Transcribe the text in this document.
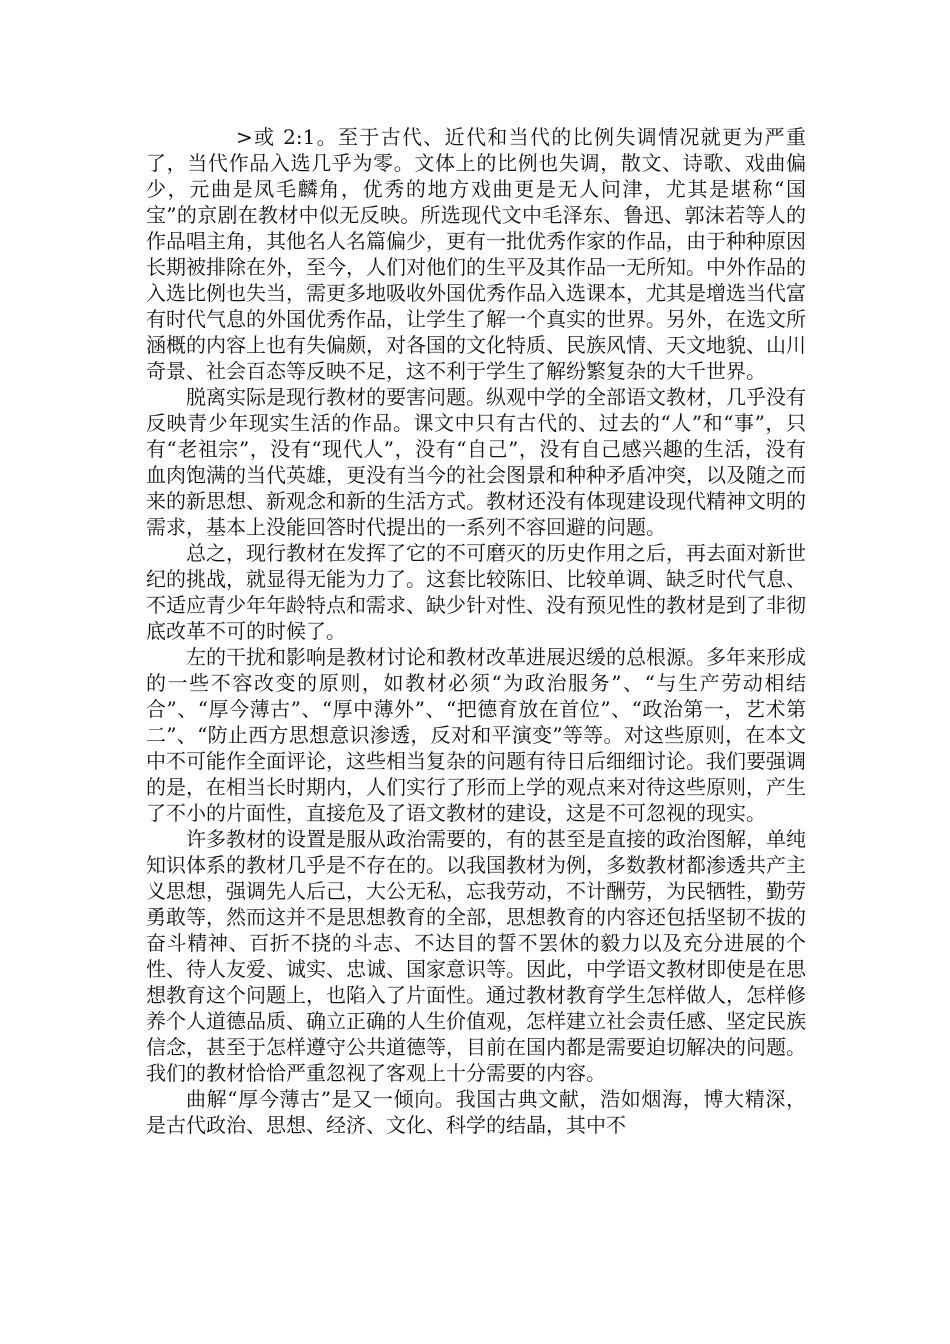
>或 2:1。至于古代、近代和当代的比例失调情况就更为严重了，当代作品入选几乎为零。文体上的比例也失调，散文、诗歌、戏曲偏少，元曲是凤毛麟角，优秀的地方戏曲更是无人问津，尤其是堪称“国宝”的京剧在教材中似无反映。所选现代文中毛泽东、鲁迅、郭沫若等人的作品唱主角，其他名人名篇偏少，更有一批优秀作家的作品，由于种种原因长期被排除在外，至今，人们对他们的生平及其作品一无所知。中外作品的入选比例也失当，需更多地吸收外国优秀作品入选课本，尤其是增选当代富有时代气息的外国优秀作品，让学生了解一个真实的世界。另外，在选文所涵概的内容上也有失偏颇，对各国的文化特质、民族风情、天文地貌、山川奇景、社会百态等反映不足，这不利于学生了解纷繁复杂的大千世界。

脱离实际是现行教材的要害问题。纵观中学的全部语文教材，几乎没有反映青少年现实生活的作品。课文中只有古代的、过去的“人”和“事”，只有“老祖宗”，没有“现代人”，没有“自己”，没有自己感兴趣的生活，没有血肉饱满的当代英雄，更没有当今的社会图景和种种矛盾冲突，以及随之而来的新思想、新观念和新的生活方式。教材还没有体现建设现代精神文明的需求，基本上没能回答时代提出的一系列不容回避的问题。

总之，现行教材在发挥了它的不可磨灭的历史作用之后，再去面对新世纪的挑战，就显得无能为力了。这套比较陈旧、比较单调、缺乏时代气息、不适应青少年年龄特点和需求、缺少针对性、没有预见性的教材是到了非彻底改革不可的时候了。

左的干扰和影响是教材讨论和教材改革进展迟缓的总根源。多年来形成的一些不容改变的原则，如教材必须“为政治服务”、“与生产劳动相结合”、“厚今薄古”、“厚中薄外”、“把德育放在首位”、“政治第一，艺术第二”、“防止西方思想意识渗透，反对和平演变”等等。对这些原则，在本文中不可能作全面评论，这些相当复杂的问题有待日后细细讨论。我们要强调的是，在相当长时期内，人们实行了形而上学的观点来对待这些原则，产生了不小的片面性，直接危及了语文教材的建设，这是不可忽视的现实。

许多教材的设置是服从政治需要的，有的甚至是直接的政治图解，单纯知识体系的教材几乎是不存在的。以我国教材为例，多数教材都渗透共产主义思想，强调先人后己，大公无私，忘我劳动，不计酬劳，为民牺牲，勤劳勇敢等，然而这并不是思想教育的全部，思想教育的内容还包括坚韧不拔的奋斗精神、百折不挠的斗志、不达目的誓不罢休的毅力以及充分进展的个性、待人友爱、诚实、忠诚、国家意识等。因此，中学语文教材即使是在思想教育这个问题上，也陷入了片面性。通过教材教育学生怎样做人，怎样修养个人道德品质、确立正确的人生价值观，怎样建立社会责任感、坚定民族信念，甚至于怎样遵守公共道德等，目前在国内都是需要迫切解决的问题。我们的教材恰恰严重忽视了客观上十分需要的内容。

曲解“厚今薄古”是又一倾向。我国古典文献，浩如烟海，博大精深，是古代政治、思想、经济、文化、科学的结晶，其中不
